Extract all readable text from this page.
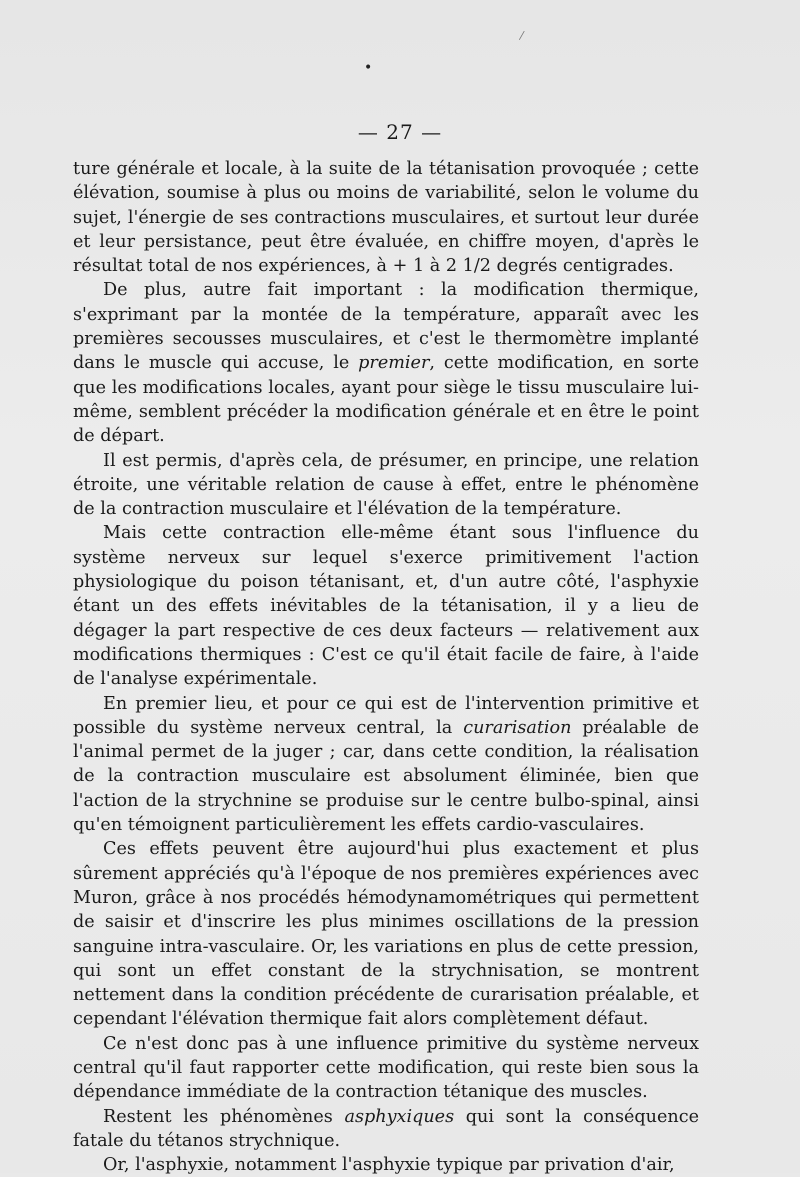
•
|
— 27 —

ture générale et locale, à la suite de la tétanisation provoquée ; cette élévation, soumise à plus ou moins de variabilité, selon le volume du sujet, l'énergie de ses contractions musculaires, et surtout leur durée et leur persistance, peut être évaluée, en chiffre moyen, d'après le résultat total de nos expériences, à + 1 à 2 1/2 degrés centigrades.

De plus, autre fait important : la modification thermique, s'exprimant par la montée de la température, apparaît avec les premières secousses musculaires, et c'est le thermomètre implanté dans le muscle qui accuse, le premier, cette modification, en sorte que les modifications locales, ayant pour siège le tissu musculaire lui-même, semblent précéder la modification générale et en être le point de départ.

Il est permis, d'après cela, de présumer, en principe, une relation étroite, une véritable relation de cause à effet, entre le phénomène de la contraction musculaire et l'élévation de la température.

Mais cette contraction elle-même étant sous l'influence du système nerveux sur lequel s'exerce primitivement l'action physiologique du poison tétanisant, et, d'un autre côté, l'asphyxie étant un des effets inévitables de la tétanisation, il y a lieu de dégager la part respective de ces deux facteurs — relativement aux modifications thermiques : C'est ce qu'il était facile de faire, à l'aide de l'analyse expérimentale.

En premier lieu, et pour ce qui est de l'intervention primitive et possible du système nerveux central, la curarisation préalable de l'animal permet de la juger ; car, dans cette condition, la réalisation de la contraction musculaire est absolument éliminée, bien que l'action de la strychnine se produise sur le centre bulbo-spinal, ainsi qu'en témoignent particulièrement les effets cardio-vasculaires.

Ces effets peuvent être aujourd'hui plus exactement et plus sûrement appréciés qu'à l'époque de nos premières expériences avec Muron, grâce à nos procédés hémodynamométriques qui permettent de saisir et d'inscrire les plus minimes oscillations de la pression sanguine intra-vasculaire. Or, les variations en plus de cette pression, qui sont un effet constant de la strychnisation, se montrent nettement dans la condition précédente de curarisation préalable, et cependant l'élévation thermique fait alors complètement défaut.

Ce n'est donc pas à une influence primitive du système nerveux central qu'il faut rapporter cette modification, qui reste bien sous la dépendance immédiate de la contraction tétanique des muscles.

Restent les phénomènes asphyxiques qui sont la conséquence fatale du tétanos strychnique.

Or, l'asphyxie, notamment l'asphyxie typique par privation d'air,
